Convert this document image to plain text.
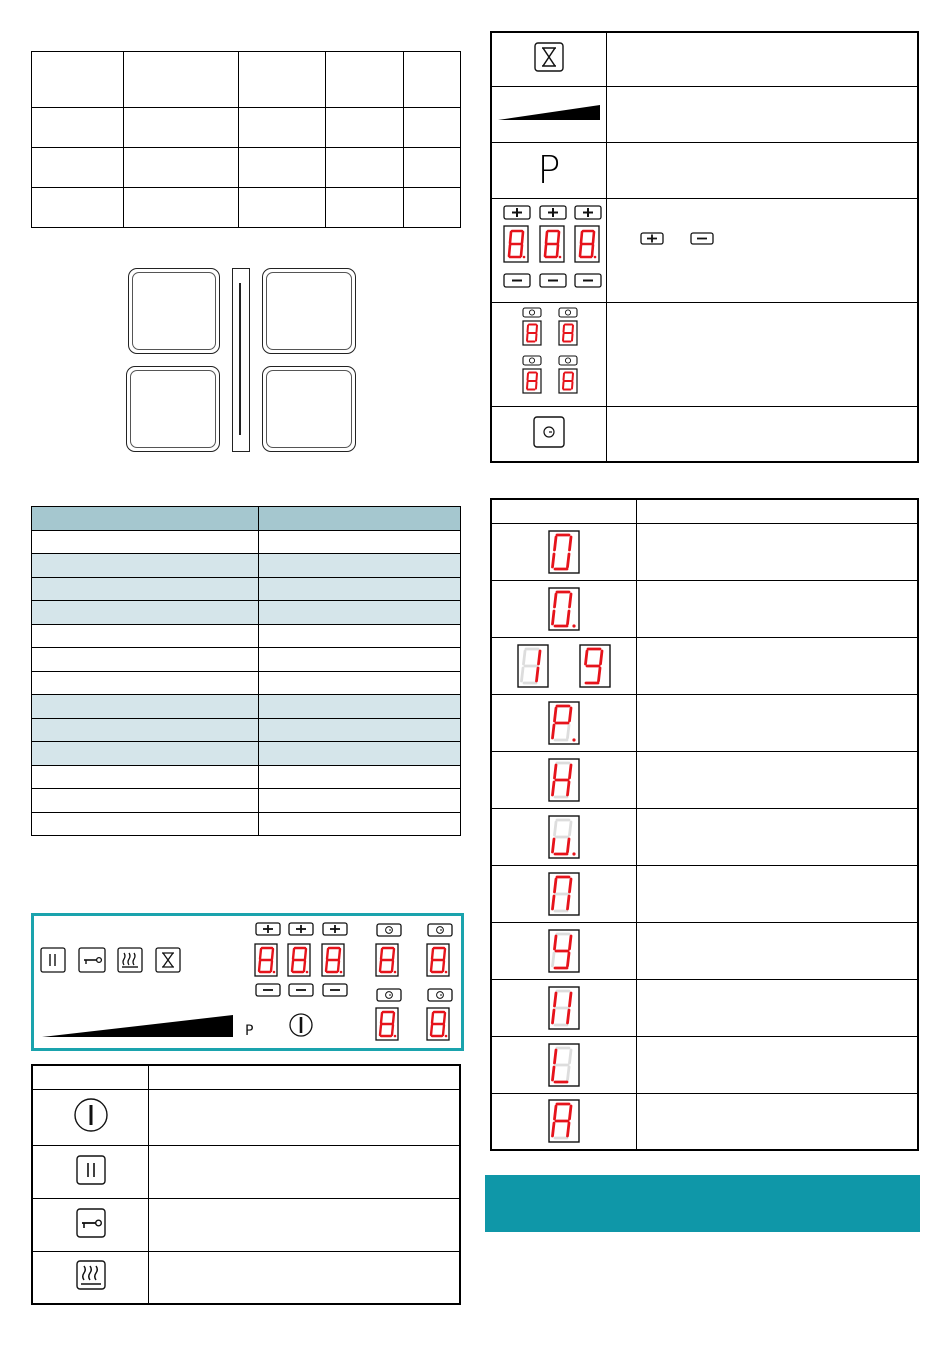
P

P	
